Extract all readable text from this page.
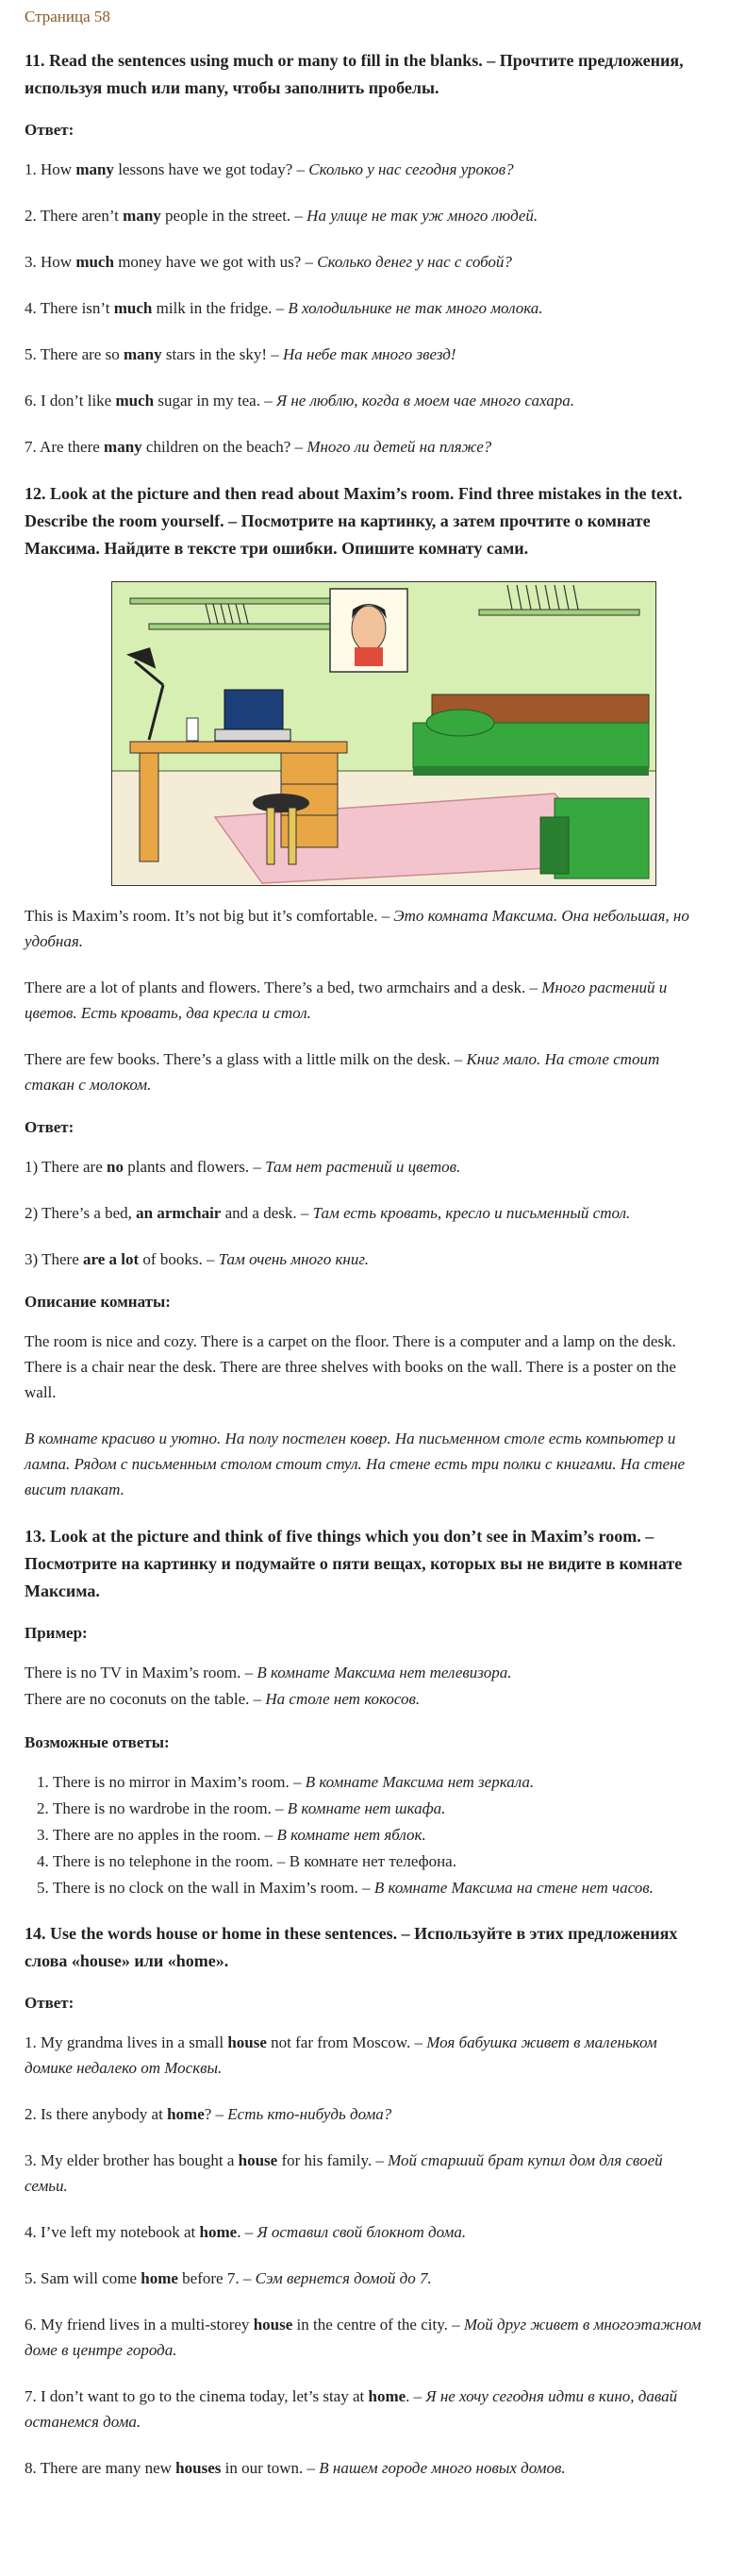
Страница 58
11. Read the sentences using much or many to fill in the blanks. – Прочтите предложения, используя much или many, чтобы заполнить пробелы.
Ответ:

1. How many lessons have we got today? – Сколько у нас сегодня уроков?

2. There aren’t many people in the street. – На улице не так уж много людей.

3. How much money have we got with us? – Сколько денег у нас с собой?

4. There isn’t much milk in the fridge. – В холодильнике не так много молока.

5. There are so many stars in the sky! – На небе так много звезд!

6. I don’t like much sugar in my tea. – Я не люблю, когда в моем чае много сахара.

7. Are there many children on the beach? – Много ли детей на пляже?

12. Look at the picture and then read about Maxim’s room. Find three mistakes in the text. Describe the room yourself. – Посмотрите на картинку, а затем прочтите о комнате Максима. Найдите в тексте три ошибки. Опишите комнату сами.

This is Maxim’s room. It’s not big but it’s comfortable. – Это комната Максима. Она небольшая, но удобная.

There are a lot of plants and flowers. There’s a bed, two armchairs and a desk. – Много растений и цветов. Есть кровать, два кресла и стол.

There are few books. There’s a glass with a little milk on the desk. – Книг мало. На столе стоит стакан с молоком.

Ответ:

1) There are no plants and flowers. – Там нет растений и цветов.

2) There’s a bed, an armchair and a desk. – Там есть кровать, кресло и письменный стол.

3) There are a lot of books. – Там очень много книг.

Описание комнаты:

The room is nice and cozy. There is a carpet on the floor. There is a computer and a lamp on the desk. There is a chair near the desk. There are three shelves with books on the wall. There is a poster on the wall.

В комнате красиво и уютно. На полу постелен ковер. На письменном столе есть компьютер и лампа. Рядом с письменным столом стоит стул. На стене есть три полки с книгами. На стене висит плакат.

13. Look at the picture and think of five things which you don’t see in Maxim’s room. – Посмотрите на картинку и подумайте о пяти вещах, которых вы не видите в комнате Максима.
Пример:
There is no TV in Maxim’s room. – В комнате Максима нет телевизора.
There are no coconuts on the table. – На столе нет кокосов.
Возможные ответы:
1. There is no mirror in Maxim’s room. – В комнате Максима нет зеркала.
2. There is no wardrobe in the room. – В комнате нет шкафа.
3. There are no apples in the room. – В комнате нет яблок.
4. There is no telephone in the room. – В комнате нет телефона.
5. There is no clock on the wall in Maxim’s room. – В комнате Максима на стене нет часов.
14. Use the words house or home in these sentences. – Используйте в этих предложениях слова «house» или «home».
Ответ:

1. My grandma lives in a small house not far from Moscow. – Моя бабушка живет в маленьком домике недалеко от Москвы.

2. Is there anybody at home? – Есть кто-нибудь дома?

3. My elder brother has bought a house for his family. – Мой старший брат купил дом для своей семьи.

4. I’ve left my notebook at home. – Я оставил свой блокнот дома.

5. Sam will come home before 7. – Сэм вернется домой до 7.

6. My friend lives in a multi-storey house in the centre of the city. – Мой друг живет в многоэтажном доме в центре города.

7. I don’t want to go to the cinema today, let’s stay at home. – Я не хочу сегодня идти в кино, давай останемся дома.

8. There are many new houses in our town. – В нашем городе много новых домов.
